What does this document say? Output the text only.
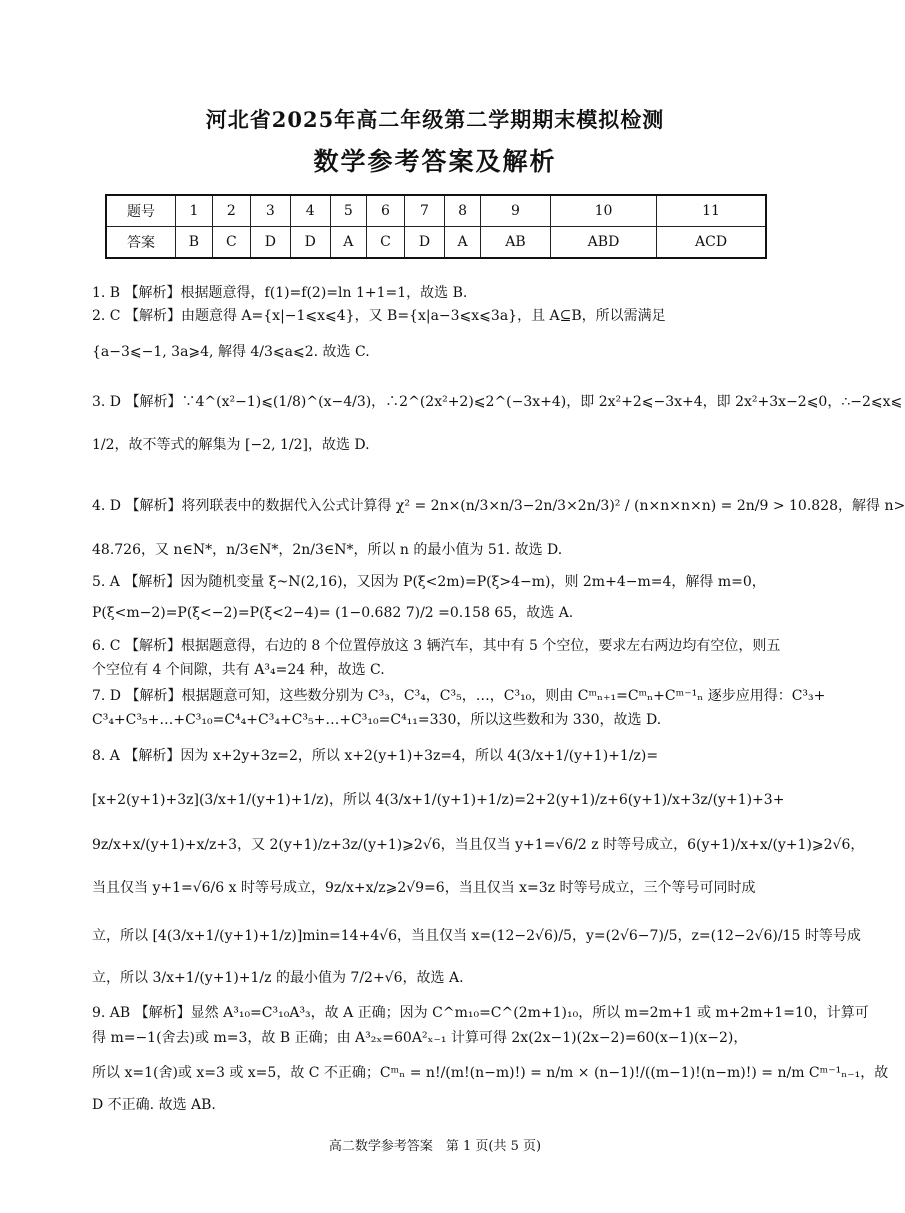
河北省2025年高二年级第二学期期末模拟检测
数学参考答案及解析
题号	1	2	3	4	5	6	7	8	9	10	11
答案	B	C	D	D	A	C	D	A	AB	ABD	ACD
1. B 【解析】根据题意得，f(1)=f(2)=ln 1+1=1，故选 B.
2. C 【解析】由题意得 A={x|−1⩽x⩽4}，又 B={x|a−3⩽x⩽3a}，且 A⊆B，所以需满足
{a−3⩽−1, 3a⩾4, 解得 4/3⩽a⩽2. 故选 C.
3. D 【解析】∵4^(x²−1)⩽(1/8)^(x−4/3)，∴2^(2x²+2)⩽2^(−3x+4)，即 2x²+2⩽−3x+4，即 2x²+3x−2⩽0，∴−2⩽x⩽
1/2，故不等式的解集为 [−2, 1/2]，故选 D.
4. D 【解析】将列联表中的数据代入公式计算得 χ² = 2n×(n/3×n/3−2n/3×2n/3)² / (n×n×n×n) = 2n/9 > 10.828，解得 n>
48.726，又 n∈N*，n/3∈N*，2n/3∈N*，所以 n 的最小值为 51. 故选 D.
5. A 【解析】因为随机变量 ξ~N(2,16)，又因为 P(ξ<2m)=P(ξ>4−m)，则 2m+4−m=4，解得 m=0，
P(ξ<m−2)=P(ξ<−2)=P(ξ<2−4)= (1−0.682 7)/2 =0.158 65，故选 A.
6. C 【解析】根据题意得，右边的 8 个位置停放这 3 辆汽车，其中有 5 个空位，要求左右两边均有空位，则五
个空位有 4 个间隙，共有 A³₄=24 种，故选 C.
7. D 【解析】根据题意可知，这些数分别为 C³₃，C³₄，C³₅，…，C³₁₀，则由 Cᵐₙ₊₁=Cᵐₙ+Cᵐ⁻¹ₙ 逐步应用得：C³₃+
C³₄+C³₅+…+C³₁₀=C⁴₄+C³₄+C³₅+…+C³₁₀=C⁴₁₁=330，所以这些数和为 330，故选 D.
8. A 【解析】因为 x+2y+3z=2，所以 x+2(y+1)+3z=4，所以 4(3/x+1/(y+1)+1/z)=
[x+2(y+1)+3z](3/x+1/(y+1)+1/z)，所以 4(3/x+1/(y+1)+1/z)=2+2(y+1)/z+6(y+1)/x+3z/(y+1)+3+
9z/x+x/(y+1)+x/z+3，又 2(y+1)/z+3z/(y+1)⩾2√6，当且仅当 y+1=√6/2 z 时等号成立，6(y+1)/x+x/(y+1)⩾2√6，
当且仅当 y+1=√6/6 x 时等号成立，9z/x+x/z⩾2√9=6，当且仅当 x=3z 时等号成立，三个等号可同时成
立，所以 [4(3/x+1/(y+1)+1/z)]min=14+4√6，当且仅当 x=(12−2√6)/5，y=(2√6−7)/5，z=(12−2√6)/15 时等号成
立，所以 3/x+1/(y+1)+1/z 的最小值为 7/2+√6，故选 A.
9. AB 【解析】显然 A³₁₀=C³₁₀A³₃，故 A 正确；因为 C^m₁₀=C^(2m+1)₁₀，所以 m=2m+1 或 m+2m+1=10，计算可
得 m=−1(舍去)或 m=3，故 B 正确；由 A³₂ₓ=60A²ₓ₋₁ 计算可得 2x(2x−1)(2x−2)=60(x−1)(x−2)，
所以 x=1(舍)或 x=3 或 x=5，故 C 不正确；Cᵐₙ = n!/(m!(n−m)!) = n/m × (n−1)!/((m−1)!(n−m)!) = n/m Cᵐ⁻¹ₙ₋₁，故
D 不正确. 故选 AB.
高二数学参考答案　第 1 页(共 5 页)
